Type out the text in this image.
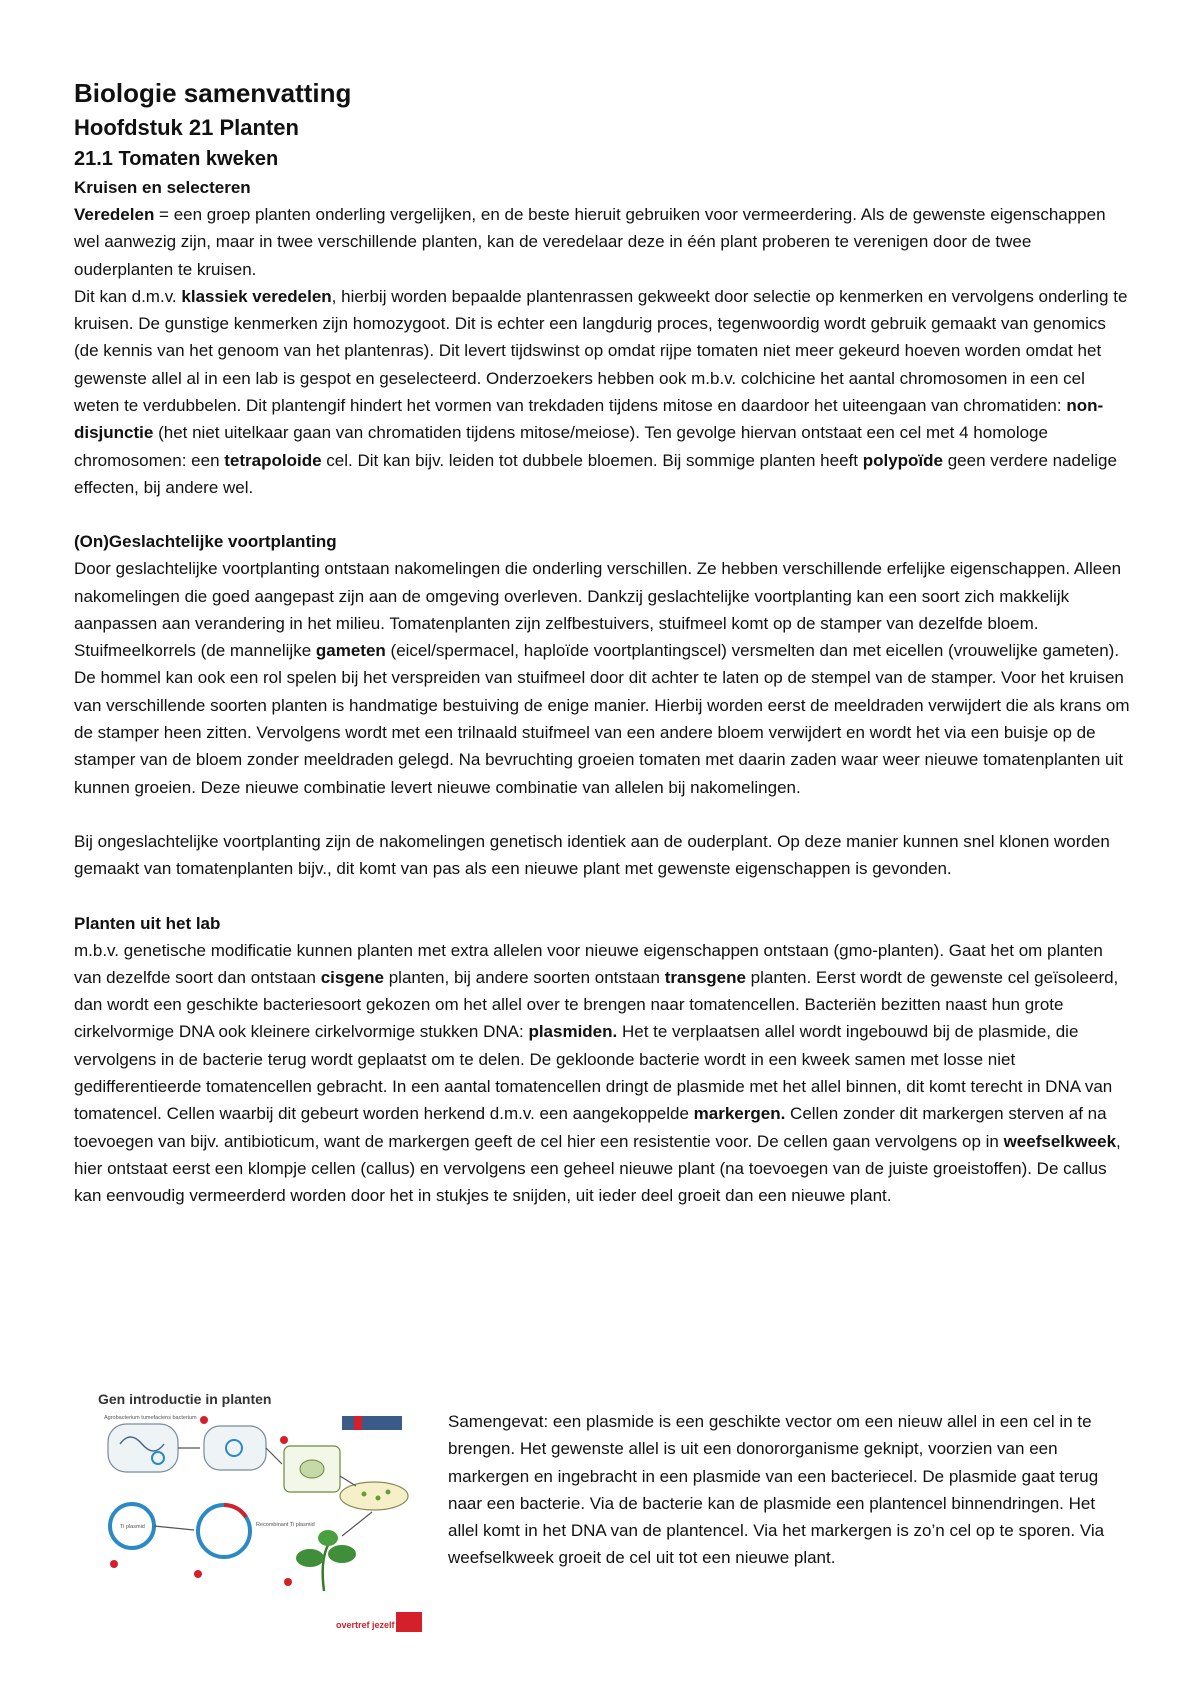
Biologie samenvatting
Hoofdstuk 21 Planten
21.1 Tomaten kweken
Kruisen en selecteren

Veredelen = een groep planten onderling vergelijken, en de beste hieruit gebruiken voor vermeerdering. Als de gewenste eigenschappen wel aanwezig zijn, maar in twee verschillende planten, kan de veredelaar deze in één plant proberen te verenigen door de twee ouderplanten te kruisen.

Dit kan d.m.v. klassiek veredelen, hierbij worden bepaalde plantenrassen gekweekt door selectie op kenmerken en vervolgens onderling te kruisen. De gunstige kenmerken zijn homozygoot. Dit is echter een langdurig proces, tegenwoordig wordt gebruik gemaakt van genomics (de kennis van het genoom van het plantenras). Dit levert tijdswinst op omdat rijpe tomaten niet meer gekeurd hoeven worden omdat het gewenste allel al in een lab is gespot en geselecteerd. Onderzoekers hebben ook m.b.v. colchicine het aantal chromosomen in een cel weten te verdubbelen. Dit plantengif hindert het vormen van trekdaden tijdens mitose en daardoor het uiteengaan van chromatiden: non-disjunctie (het niet uitelkaar gaan van chromatiden tijdens mitose/meiose). Ten gevolge hiervan ontstaat een cel met 4 homologe chromosomen: een tetrapoloide cel. Dit kan bijv. leiden tot dubbele bloemen. Bij sommige planten heeft polypoïde geen verdere nadelige effecten, bij andere wel.

(On)Geslachtelijke voortplanting

Door geslachtelijke voortplanting ontstaan nakomelingen die onderling verschillen. Ze hebben verschillende erfelijke eigenschappen. Alleen nakomelingen die goed aangepast zijn aan de omgeving overleven. Dankzij geslachtelijke voortplanting kan een soort zich makkelijk aanpassen aan verandering in het milieu. Tomatenplanten zijn zelfbestuivers, stuifmeel komt op de stamper van dezelfde bloem. Stuifmeelkorrels (de mannelijke gameten (eicel/spermacel, haploïde voortplantingscel) versmelten dan met eicellen (vrouwelijke gameten). De hommel kan ook een rol spelen bij het verspreiden van stuifmeel door dit achter te laten op de stempel van de stamper. Voor het kruisen van verschillende soorten planten is handmatige bestuiving de enige manier. Hierbij worden eerst de meeldraden verwijdert die als krans om de stamper heen zitten. Vervolgens wordt met een trilnaald stuifmeel van een andere bloem verwijdert en wordt het via een buisje op de stamper van de bloem zonder meeldraden gelegd. Na bevruchting groeien tomaten met daarin zaden waar weer nieuwe tomatenplanten uit kunnen groeien. Deze nieuwe combinatie levert nieuwe combinatie van allelen bij nakomelingen.

Bij ongeslachtelijke voortplanting zijn de nakomelingen genetisch identiek aan de ouderplant. Op deze manier kunnen snel klonen worden gemaakt van tomatenplanten bijv., dit komt van pas als een nieuwe plant met gewenste eigenschappen is gevonden.

Planten uit het lab

m.b.v. genetische modificatie kunnen planten met extra allelen voor nieuwe eigenschappen ontstaan (gmo-planten). Gaat het om planten van dezelfde soort dan ontstaan cisgene planten, bij andere soorten ontstaan transgene planten. Eerst wordt de gewenste cel geïsoleerd, dan wordt een geschikte bacteriesoort gekozen om het allel over te brengen naar tomatencellen. Bacteriën bezitten naast hun grote cirkelvormige DNA ook kleinere cirkelvormige stukken DNA: plasmiden. Het te verplaatsen allel wordt ingebouwd bij de plasmide, die vervolgens in de bacterie terug wordt geplaatst om te delen. De gekloonde bacterie wordt in een kweek samen met losse niet gedifferentieerde tomatencellen gebracht. In een aantal tomatencellen dringt de plasmide met het allel binnen, dit komt terecht in DNA van tomatencel. Cellen waarbij dit gebeurt worden herkend d.m.v. een aangekoppelde markergen. Cellen zonder dit markergen sterven af na toevoegen van bijv. antibioticum, want de markergen geeft de cel hier een resistentie voor. De cellen gaan vervolgens op in weefselkweek, hier ontstaat eerst een klompje cellen (callus) en vervolgens een geheel nieuwe plant (na toevoegen van de juiste groeistoffen). De callus kan eenvoudig vermeerderd worden door het in stukjes te snijden, uit ieder deel groeit dan een nieuwe plant.

Gen introductie in planten
Agrobacterium tumefaciens bacterium
Ti plasmid	Recombinant Ti plasmid
overtref jezelf

Samengevat: een plasmide is een geschikte vector om een nieuw allel in een cel in te brengen. Het gewenste allel is uit een donororganisme geknipt, voorzien van een markergen en ingebracht in een plasmide van een bacteriecel. De plasmide gaat terug naar een bacterie. Via de bacterie kan de plasmide een plantencel binnendringen. Het allel komt in het DNA van de plantencel. Via het markergen is zo’n cel op te sporen. Via weefselkweek groeit de cel uit tot een nieuwe plant.
